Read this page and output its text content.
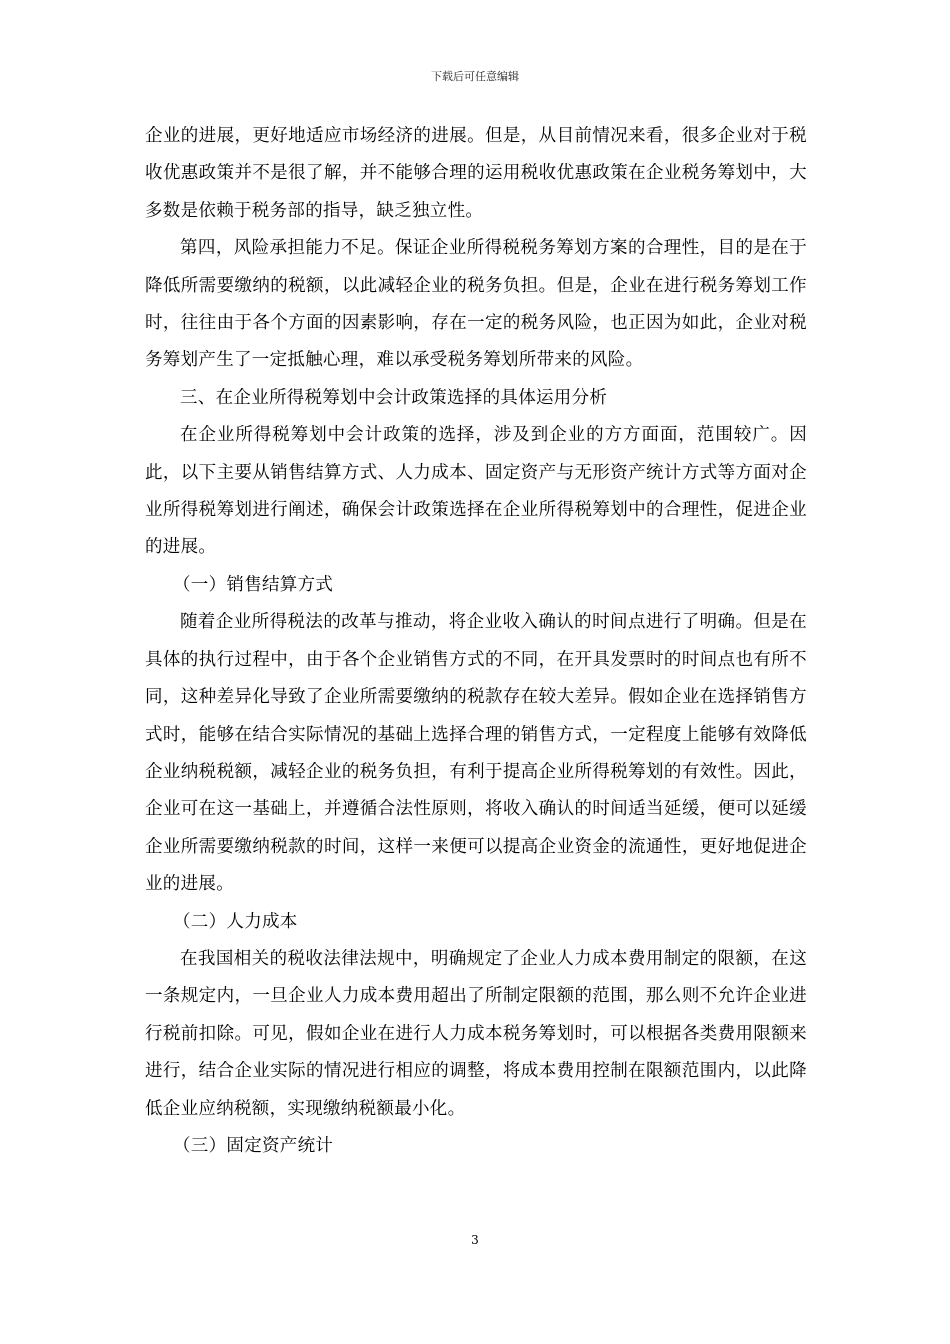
下载后可任意编辑

企业的进展，更好地适应市场经济的进展。但是，从目前情况来看，很多企业对于税收优惠政策并不是很了解，并不能够合理的运用税收优惠政策在企业税务筹划中，大多数是依赖于税务部的指导，缺乏独立性。

第四，风险承担能力不足。保证企业所得税税务筹划方案的合理性，目的是在于降低所需要缴纳的税额，以此减轻企业的税务负担。但是，企业在进行税务筹划工作时，往往由于各个方面的因素影响，存在一定的税务风险，也正因为如此，企业对税务筹划产生了一定抵触心理，难以承受税务筹划所带来的风险。

三、在企业所得税筹划中会计政策选择的具体运用分析

在企业所得税筹划中会计政策的选择，涉及到企业的方方面面，范围较广。因此，以下主要从销售结算方式、人力成本、固定资产与无形资产统计方式等方面对企业所得税筹划进行阐述，确保会计政策选择在企业所得税筹划中的合理性，促进企业的进展。

（一）销售结算方式

随着企业所得税法的改革与推动，将企业收入确认的时间点进行了明确。但是在具体的执行过程中，由于各个企业销售方式的不同，在开具发票时的时间点也有所不同，这种差异化导致了企业所需要缴纳的税款存在较大差异。假如企业在选择销售方式时，能够在结合实际情况的基础上选择合理的销售方式，一定程度上能够有效降低企业纳税税额，减轻企业的税务负担，有利于提高企业所得税筹划的有效性。因此，企业可在这一基础上，并遵循合法性原则，将收入确认的时间适当延缓，便可以延缓企业所需要缴纳税款的时间，这样一来便可以提高企业资金的流通性，更好地促进企业的进展。

（二）人力成本

在我国相关的税收法律法规中，明确规定了企业人力成本费用制定的限额，在这一条规定内，一旦企业人力成本费用超出了所制定限额的范围，那么则不允许企业进行税前扣除。可见，假如企业在进行人力成本税务筹划时，可以根据各类费用限额来进行，结合企业实际的情况进行相应的调整，将成本费用控制在限额范围内，以此降低企业应纳税额，实现缴纳税额最小化。

（三）固定资产统计

3
